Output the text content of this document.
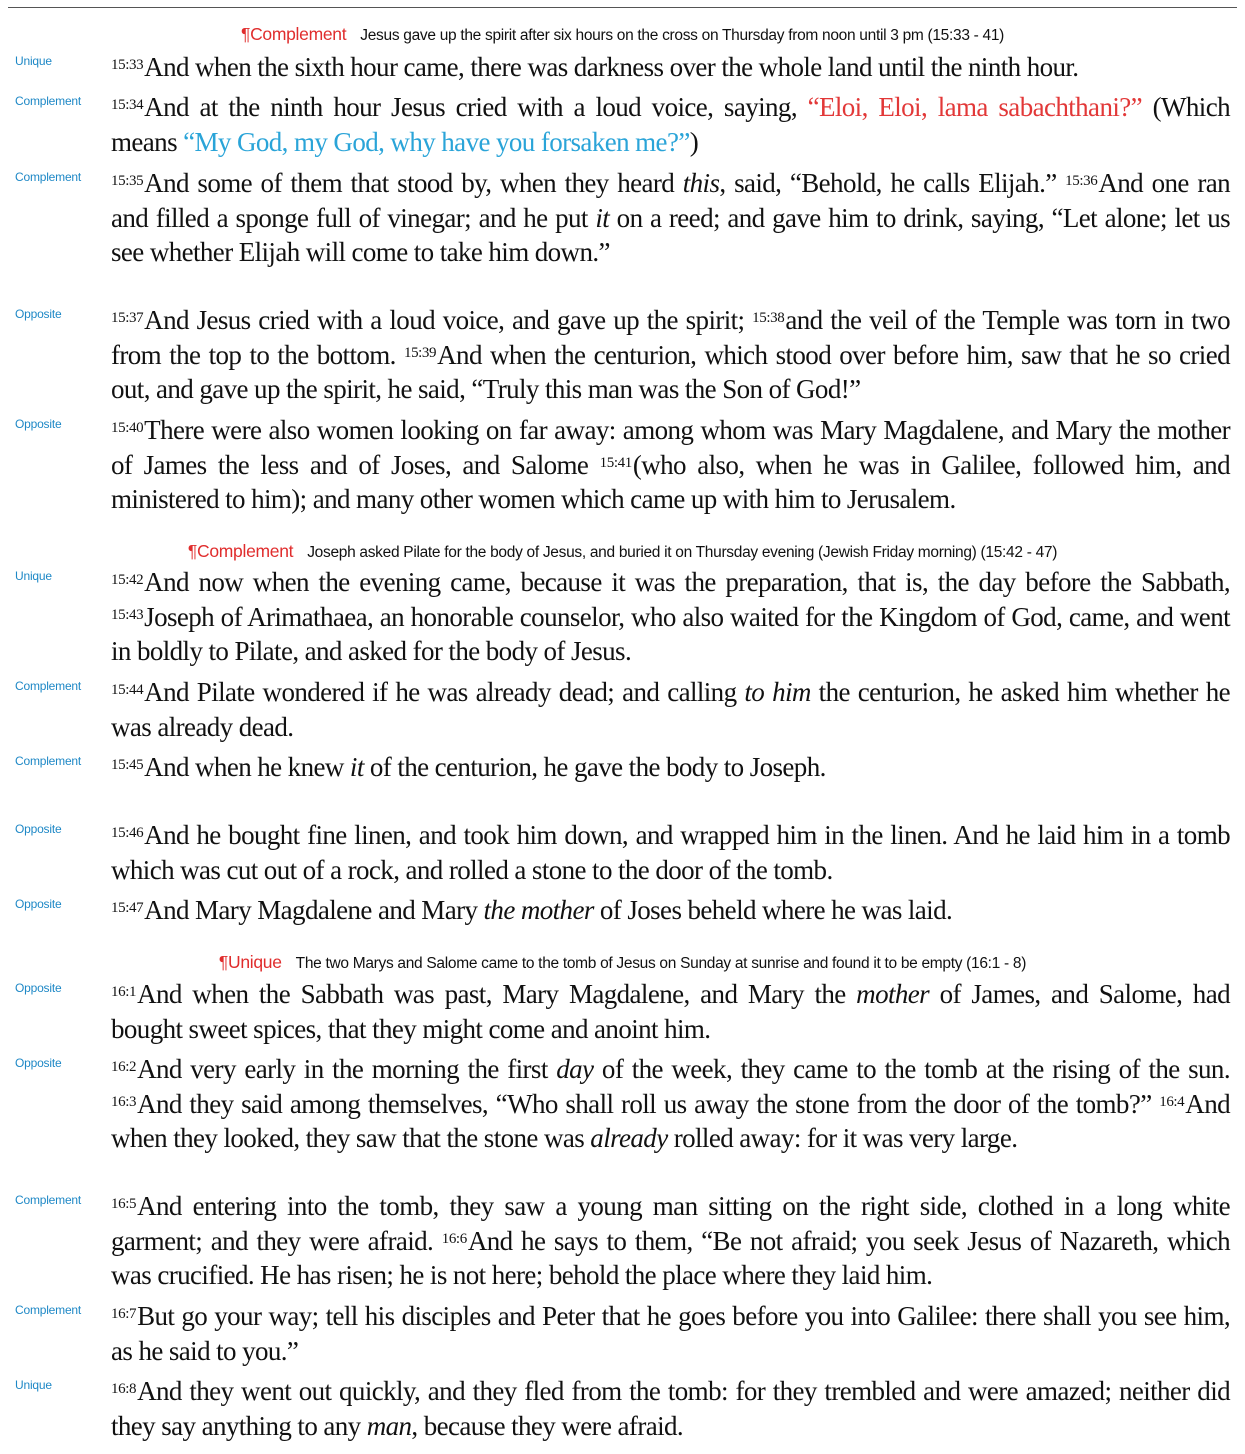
¶Complement Jesus gave up the spirit after six hours on the cross on Thursday from noon until 3 pm (15:33 - 41)
Unique	$^{15:33}$And when the sixth hour came, there was darkness over the whole land until the ninth hour.
Complement $^{15:34}$And at the ninth hour Jesus cried with a loud voice, saying, “Eloi, Eloi, lama sabachthani?” (Which means “My God, my God, why have you forsaken me?”)
Complement $^{15:35}$And some of them that stood by, when they heard this, said, “Behold, he calls Elijah.” $^{15:36}$And one ran and filled a sponge full of vinegar; and he put it on a reed; and gave him to drink, saying, “Let alone; let us see whether Elijah will come to take him down.”
Opposite	$^{15:37}$And Jesus cried with a loud voice, and gave up the spirit; $^{15:38}$and the veil of the Temple was torn in two from the top to the bottom. $^{15:39}$And when the centurion, which stood over before him, saw that he so cried out, and gave up the spirit, he said, “Truly this man was the Son of God!”
Opposite	$^{15:40}$There were also women looking on far away: among whom was Mary Magdalene, and Mary the mother of James the less and of Joses, and Salome $^{15:41}$(who also, when he was in Galilee, followed him, and ministered to him); and many other women which came up with him to Jerusalem.
¶Complement Joseph asked Pilate for the body of Jesus, and buried it on Thursday evening (Jewish Friday morning) (15:42 - 47)
Unique	$^{15:42}$And now when the evening came, because it was the preparation, that is, the day before the Sabbath, $^{15:43}$Joseph of Arimathaea, an honorable counselor, who also waited for the Kingdom of God, came, and went in boldly to Pilate, and asked for the body of Jesus.
Complement $^{15:44}$And Pilate wondered if he was already dead; and calling to him the centurion, he asked him whether he was already dead.
Complement $^{15:45}$And when he knew it of the centurion, he gave the body to Joseph.
Opposite	$^{15:46}$And he bought fine linen, and took him down, and wrapped him in the linen. And he laid him in a tomb which was cut out of a rock, and rolled a stone to the door of the tomb.
Opposite	$^{15:47}$And Mary Magdalene and Mary the mother of Joses beheld where he was laid.
¶Unique The two Marys and Salome came to the tomb of Jesus on Sunday at sunrise and found it to be empty (16:1 - 8)
Opposite	$^{16:1}$And when the Sabbath was past, Mary Magdalene, and Mary the mother of James, and Salome, had bought sweet spices, that they might come and anoint him.
Opposite	$^{16:2}$And very early in the morning the first day of the week, they came to the tomb at the rising of the sun. $^{16:3}$And they said among themselves, “Who shall roll us away the stone from the door of the tomb?” $^{16:4}$And when they looked, they saw that the stone was already rolled away: for it was very large.
Complement $^{16:5}$And entering into the tomb, they saw a young man sitting on the right side, clothed in a long white garment; and they were afraid. $^{16:6}$And he says to them, “Be not afraid; you seek Jesus of Nazareth, which was crucified. He has risen; he is not here; behold the place where they laid him.
Complement $^{16:7}$But go your way; tell his disciples and Peter that he goes before you into Galilee: there shall you see him, as he said to you.”
Unique	$^{16:8}$And they went out quickly, and they fled from the tomb: for they trembled and were amazed; neither did they say anything to any man, because they were afraid.
